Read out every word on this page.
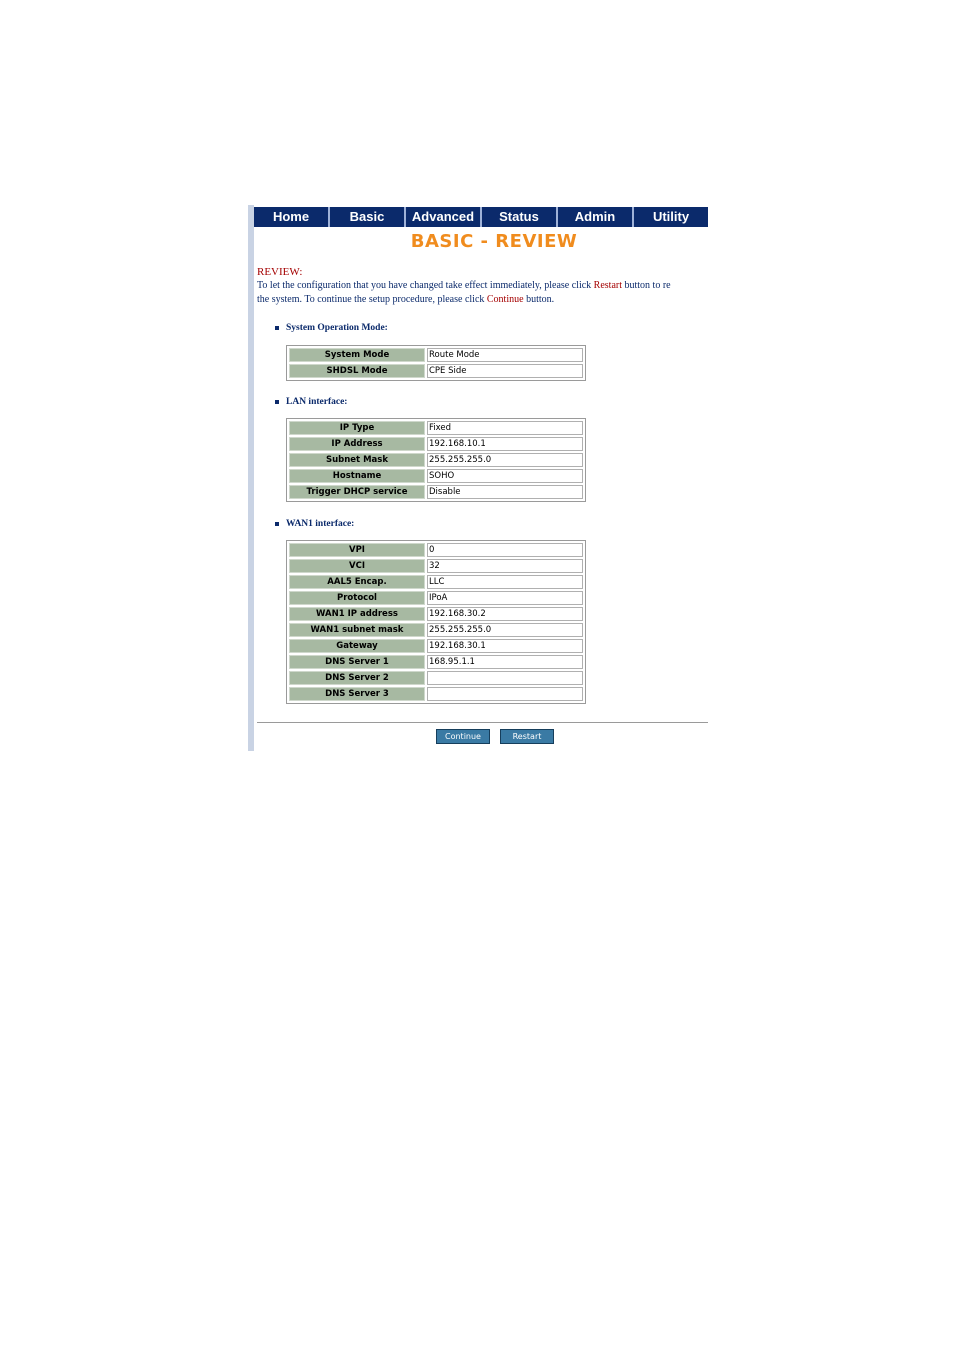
Home	Basic	Advanced	Status	Admin	Utility
BASIC - REVIEW
REVIEW:
To let the configuration that you have changed take effect immediately, please click Restart button to re
the system. To continue the setup procedure, please click Continue button.
System Operation Mode:
System Mode	Route Mode
SHDSL Mode	CPE Side
LAN interface:
IP Type	Fixed
IP Address	192.168.10.1
Subnet Mask	255.255.255.0
Hostname	SOHO
Trigger DHCP service	Disable
WAN1 interface:
VPI	0
VCI	32
AAL5 Encap.	LLC
Protocol	IPoA
WAN1 IP address	192.168.30.2
WAN1 subnet mask	255.255.255.0
Gateway	192.168.30.1
DNS Server 1	168.95.1.1
DNS Server 2	
DNS Server 3	
Continue	Restart
